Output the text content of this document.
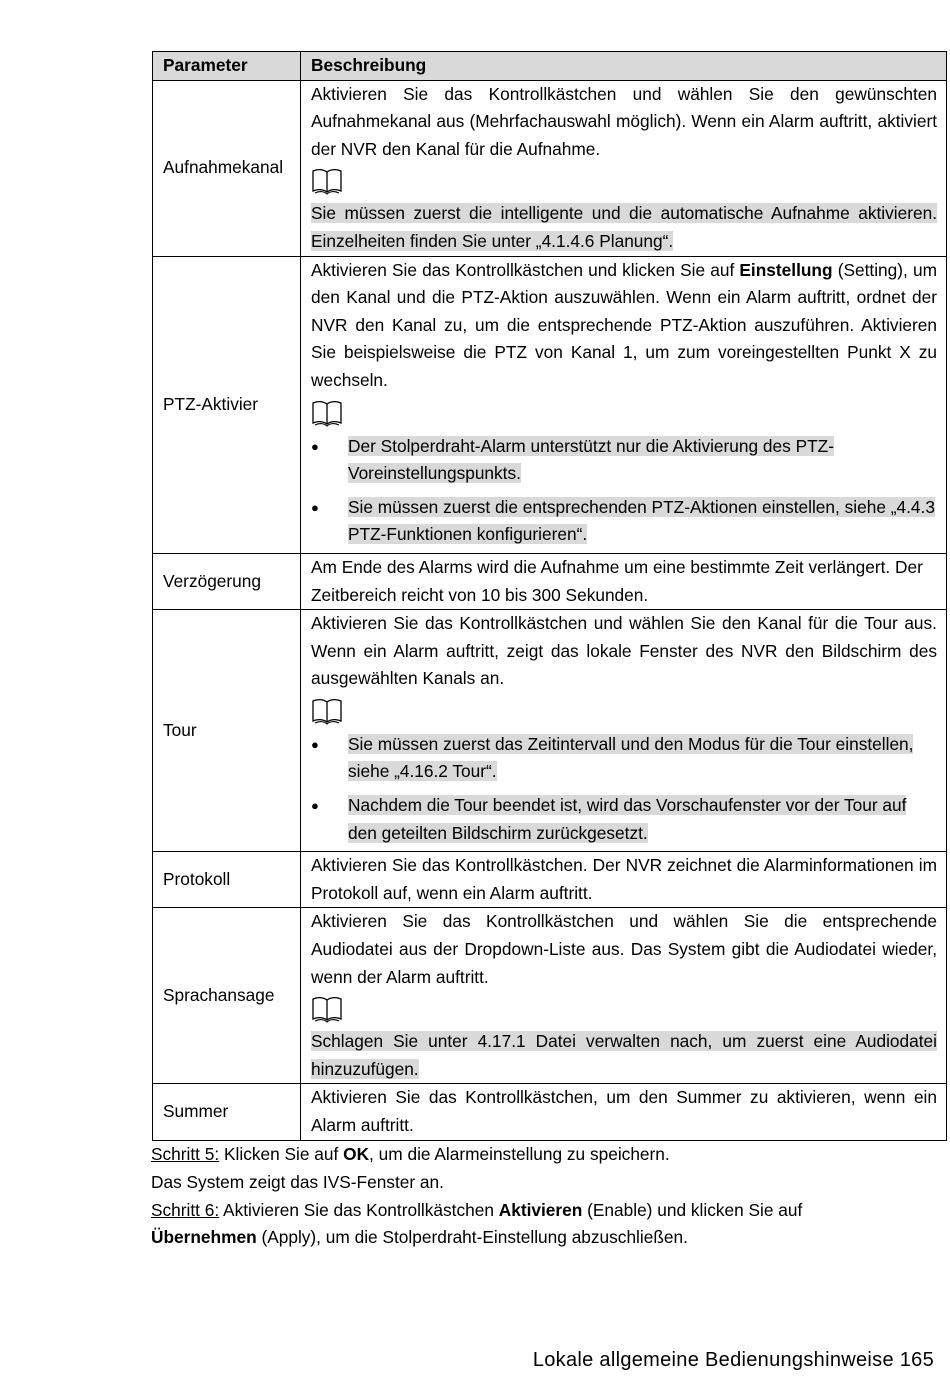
Parameter	Beschreibung
Aufnahmekanal	Aktivieren Sie das Kontrollkästchen und wählen Sie den gewünschten Aufnahmekanal aus (Mehrfachauswahl möglich). Wenn ein Alarm auftritt, aktiviert der NVR den Kanal für die Aufnahme.
Sie müssen zuerst die intelligente und die automatische Aufnahme aktivieren. Einzelheiten finden Sie unter „4.1.4.6 Planung“.

PTZ-Aktivier	Aktivieren Sie das Kontrollkästchen und klicken Sie auf Einstellung (Setting), um den Kanal und die PTZ-Aktion auszuwählen. Wenn ein Alarm auftritt, ordnet der NVR den Kanal zu, um die entsprechende PTZ-Aktion auszuführen. Aktivieren Sie beispielsweise die PTZ von Kanal 1, um zum voreingestellten Punkt X zu wechseln.
● Der Stolperdraht-Alarm unterstützt nur die Aktivierung des PTZ-Voreinstellungspunkts.
● Sie müssen zuerst die entsprechenden PTZ-Aktionen einstellen, siehe „4.4.3 PTZ-Funktionen konfigurieren“.

Verzögerung	Am Ende des Alarms wird die Aufnahme um eine bestimmte Zeit verlängert. Der Zeitbereich reicht von 10 bis 300 Sekunden.

Tour	Aktivieren Sie das Kontrollkästchen und wählen Sie den Kanal für die Tour aus. Wenn ein Alarm auftritt, zeigt das lokale Fenster des NVR den Bildschirm des ausgewählten Kanals an.
● Sie müssen zuerst das Zeitintervall und den Modus für die Tour einstellen, siehe „4.16.2 Tour“.
● Nachdem die Tour beendet ist, wird das Vorschaufenster vor der Tour auf den geteilten Bildschirm zurückgesetzt.

Protokoll	Aktivieren Sie das Kontrollkästchen. Der NVR zeichnet die Alarminformationen im Protokoll auf, wenn ein Alarm auftritt.

Sprachansage	Aktivieren Sie das Kontrollkästchen und wählen Sie die entsprechende Audiodatei aus der Dropdown-Liste aus. Das System gibt die Audiodatei wieder, wenn der Alarm auftritt.
Schlagen Sie unter 4.17.1 Datei verwalten nach, um zuerst eine Audiodatei hinzuzufügen.

Summer	Aktivieren Sie das Kontrollkästchen, um den Summer zu aktivieren, wenn ein Alarm auftritt.
Schritt 5: Klicken Sie auf OK, um die Alarmeinstellung zu speichern.
Das System zeigt das IVS-Fenster an.
Schritt 6: Aktivieren Sie das Kontrollkästchen Aktivieren (Enable) und klicken Sie auf
Übernehmen (Apply), um die Stolperdraht-Einstellung abzuschließen.
Lokale allgemeine Bedienungshinweise 165
